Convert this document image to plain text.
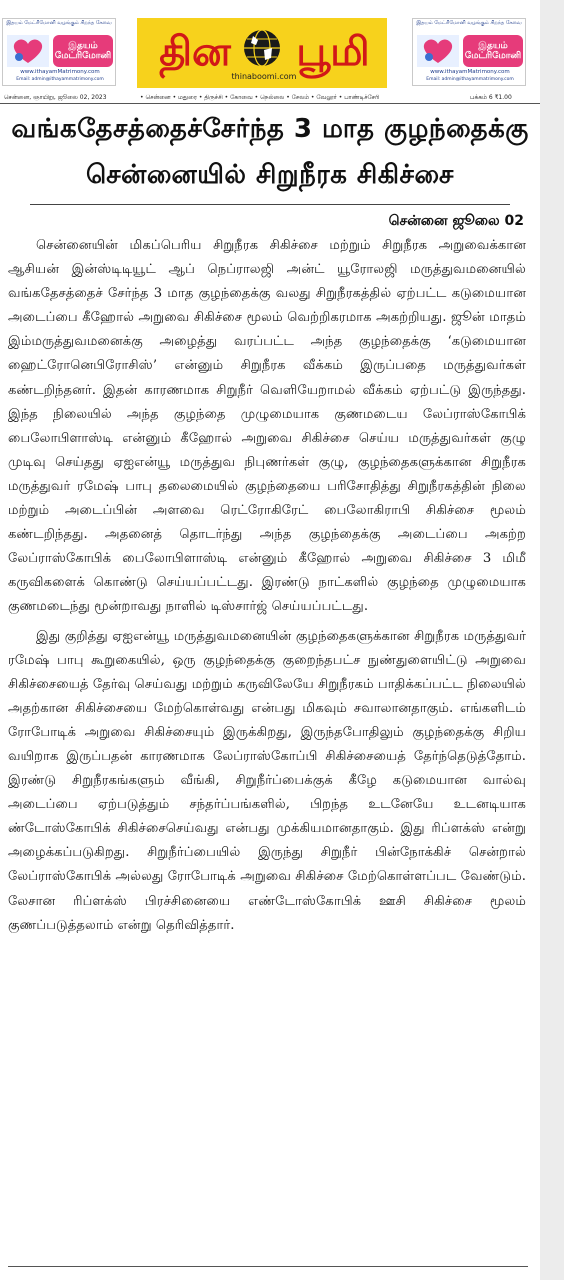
இதயம் மேட்ரிமோனி வழங்கும் சிறந்த சேவை
இதயம் மேட்ரிமோனி
www.ithayamMatrimony.com
Email: admin@ithayammatrimony.com
தின	பூமி
thinaboomi.com
இதயம் மேட்ரிமோனி வழங்கும் சிறந்த சேவை
இதயம் மேட்ரிமோனி
www.ithayamMatrimony.com
Email: admin@ithayammatrimony.com
சென்னை, ஞாயிறு, ஜூலை 02, 2023	• சென்னை • மதுரை • திருச்சி • கோவை • நெல்லை • சேலம் • வேலூர் • பாண்டிச்சேரி	பக்கம் 6 ₹1.00
வங்கதேசத்தைச்சேர்ந்த 3 மாத குழந்தைக்கு
சென்னையில் சிறுநீரக சிகிச்சை
சென்னை ஜூலை 02

சென்னையின் மிகப்பெரிய சிறுநீரக சிகிச்சை மற்றும் சிறுநீரக அறுவைக்கான ஆசியன் இன்ஸ்டிடியூட் ஆப் நெப்ராலஜி அன்ட் யூரோலஜி மருத்துவமனையில் வங்கதேசத்தைச் சேர்ந்த 3 மாத குழந்தைக்கு வலது சிறுநீரகத்தில் ஏற்பட்ட கடுமையான அடைப்பை கீஹோல் அறுவை சிகிச்சை மூலம் வெற்றிகரமாக அகற்றியது. ஜூன் மாதம் இம்மருத்துவமனைக்கு அழைத்து வரப்பட்ட அந்த குழந்தைக்கு ‘கடுமையான ஹைட்ரோனெபிரோசிஸ்’ என்னும் சிறுநீரக வீக்கம் இருப்பதை மருத்துவர்கள் கண்டறிந்தனர். இதன் காரணமாக சிறுநீர் வெளியேறாமல் வீக்கம் ஏற்பட்டு இருந்தது. இந்த நிலையில் அந்த குழந்தை முழுமையாக குணமடைய லேப்ராஸ்கோபிக் பைலோபிளாஸ்டி என்னும் கீஹோல் அறுவை சிகிச்சை செய்ய மருத்துவர்கள் குழு முடிவு செய்தது ஏஐஎன்யூ மருத்துவ நிபுணர்கள் குழு, குழந்தைகளுக்கான சிறுநீரக மருத்துவர் ரமேஷ் பாபு தலைமையில் குழந்தையை பரிசோதித்து சிறுநீரகத்தின் நிலை மற்றும் அடைப்பின் அளவை ரெட்ரோகிரேட் பைலோகிராபி சிகிச்சை மூலம் கண்டறிந்தது. அதனைத் தொடர்ந்து அந்த குழந்தைக்கு அடைப்பை அகற்ற லேப்ராஸ்கோபிக் பைலோபிளாஸ்டி என்னும் கீஹோல் அறுவை சிகிச்சை 3 மிமீ கருவிகளைக் கொண்டு செய்யப்பட்டது. இரண்டு நாட்களில் குழந்தை முழுமையாக குணமடைந்து மூன்றாவது நாளில் டிஸ்சார்ஜ் செய்யப்பட்டது.

இது குறித்து ஏஐஎன்யூ மருத்துவமனையின் குழந்தைகளுக்கான சிறுநீரக மருத்துவர் ரமேஷ் பாபு கூறுகையில், ஒரு குழந்தைக்கு குறைந்தபட்ச நுண்துளையிட்டு அறுவை சிகிச்சையைத் தேர்வு செய்வது மற்றும் கருவிலேயே சிறுநீரகம் பாதிக்கப்பட்ட நிலையில் அதற்கான சிகிச்சையை மேற்கொள்வது என்பது மிகவும் சவாலானதாகும். எங்களிடம் ரோபோடிக் அறுவை சிகிச்சையும் இருக்கிறது, இருந்தபோதிலும் குழந்தைக்கு சிறிய வயிறாக இருப்பதன் காரணமாக லேப்ராஸ்கோப்பி சிகிச்சையைத் தேர்ந்தெடுத்தோம். இரண்டு சிறுநீரகங்களும் வீங்கி, சிறுநீர்ப்பைக்குக் கீழே கடுமையான வால்வு அடைப்பை ஏற்படுத்தும் சந்தர்ப்பங்களில், பிறந்த உடனேயே உடனடியாக ண்டோஸ்கோபிக் சிகிச்சைசெய்வது என்பது முக்கியமானதாகும். இது ரிப்ளக்ஸ் என்று அழைக்கப்படுகிறது. சிறுநீர்ப்பையில் இருந்து சிறுநீர் பின்நோக்கிச் சென்றால் லேப்ராஸ்கோபிக் அல்லது ரோபோடிக் அறுவை சிகிச்சை மேற்கொள்ளப்பட வேண்டும். லேசான ரிப்ளக்ஸ் பிரச்சினையை எண்டோஸ்கோபிக் ஊசி சிகிச்சை மூலம் குணப்படுத்தலாம் என்று தெரிவித்தார்.
